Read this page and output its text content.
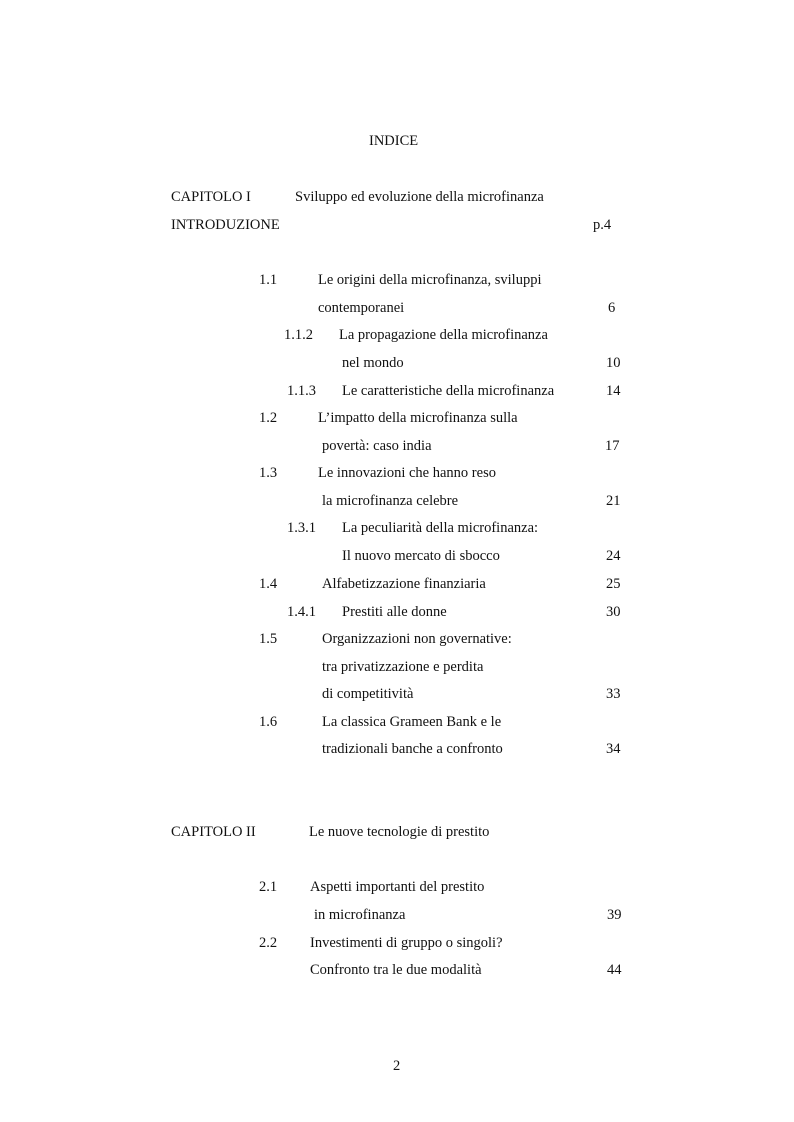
INDICE
CAPITOLO I	Sviluppo ed evoluzione della microfinanza
INTRODUZIONE	p.4
1.1	Le origini della microfinanza, sviluppi
contemporanei	6
1.1.2 La propagazione della microfinanza
nel mondo	10
1.1.3 Le caratteristiche della microfinanza	14
1.2	L’impatto della microfinanza sulla
povertà: caso india	17
1.3	Le innovazioni che hanno reso
la microfinanza celebre	21
1.3.1 La peculiarità della microfinanza:
Il nuovo mercato di sbocco	24
1.4	Alfabetizzazione finanziaria	25
1.4.1 Prestiti alle donne	30
1.5	Organizzazioni non governative:
tra privatizzazione e perdita
di competitività	33
1.6	La classica Grameen Bank e le
tradizionali banche a confronto	34
CAPITOLO II	Le nuove tecnologie di prestito
2.1 Aspetti importanti del prestito
in microfinanza	39
2.2 Investimenti di gruppo o singoli?
Confronto tra le due modalità	44
2
